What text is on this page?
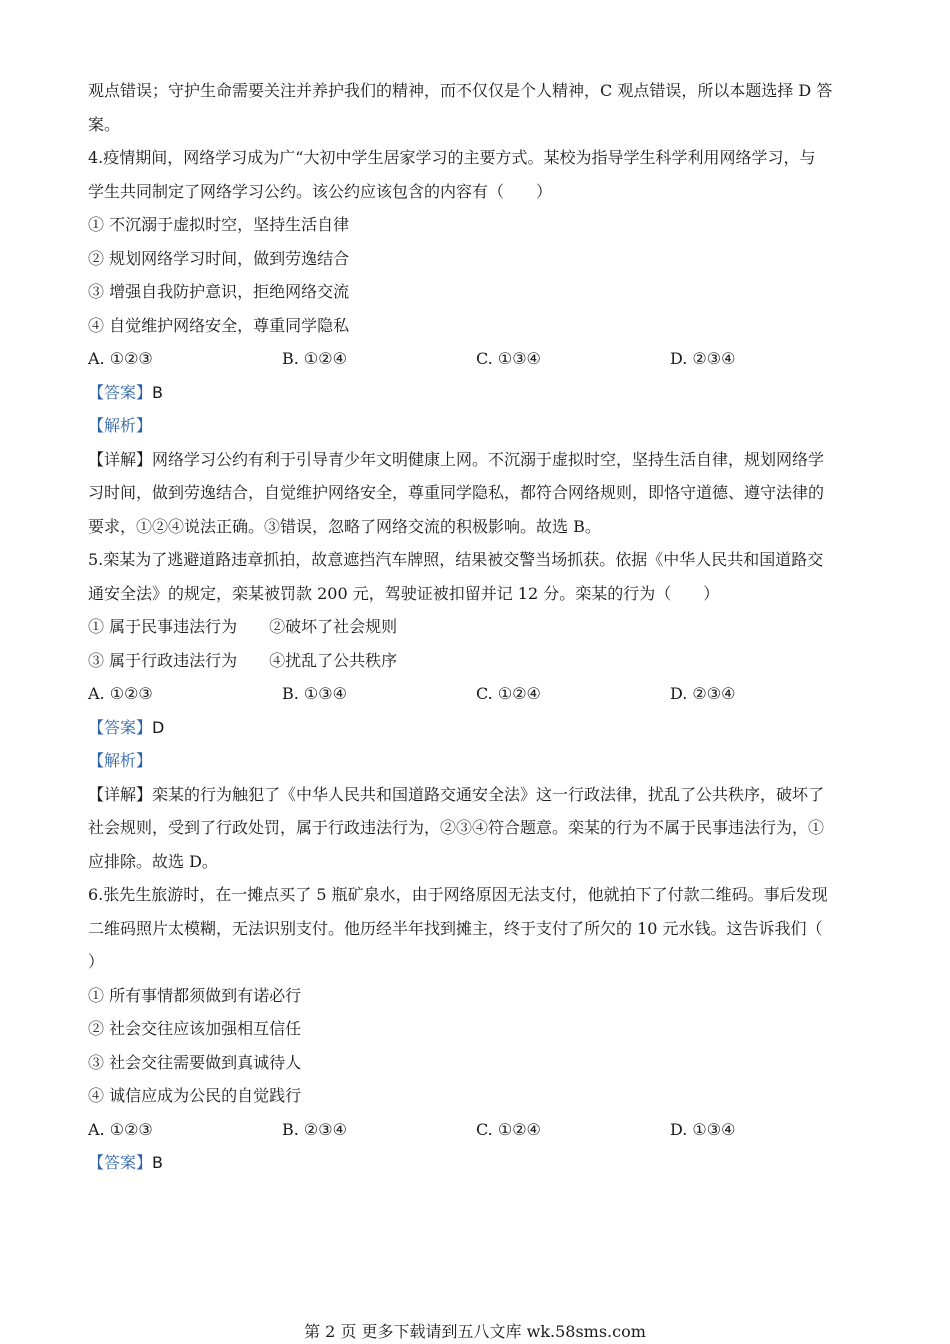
观点错误；守护生命需要关注并养护我们的精神，而不仅仅是个人精神，C 观点错误，所以本题选择 D 答
案。
4.疫情期间，网络学习成为广“大初中学生居家学习的主要方式。某校为指导学生科学利用网络学习，与
学生共同制定了网络学习公约。该公约应该包含的内容有（　　）
① 不沉溺于虚拟时空，坚持生活自律
② 规划网络学习时间，做到劳逸结合
③ 增强自我防护意识，拒绝网络交流
④ 自觉维护网络安全，尊重同学隐私
A. ①②③	B. ①②④	C. ①③④	D. ②③④
【答案】B
【解析】
【详解】网络学习公约有利于引导青少年文明健康上网。不沉溺于虚拟时空，坚持生活自律，规划网络学
习时间，做到劳逸结合，自觉维护网络安全，尊重同学隐私，都符合网络规则，即恪守道德、遵守法律的
要求，①②④说法正确。③错误，忽略了网络交流的积极影响。故选 B。
5.栾某为了逃避道路违章抓拍，故意遮挡汽车牌照，结果被交警当场抓获。依据《中华人民共和国道路交
通安全法》的规定，栾某被罚款 200 元，驾驶证被扣留并记 12 分。栾某的行为（　　）
① 属于民事违法行为　　②破坏了社会规则
③ 属于行政违法行为　　④扰乱了公共秩序
A. ①②③	B. ①③④	C. ①②④	D. ②③④
【答案】D
【解析】
【详解】栾某的行为触犯了《中华人民共和国道路交通安全法》这一行政法律，扰乱了公共秩序，破坏了
社会规则，受到了行政处罚，属于行政违法行为，②③④符合题意。栾某的行为不属于民事违法行为，①
应排除。故选 D。
6.张先生旅游时，在一摊点买了 5 瓶矿泉水，由于网络原因无法支付，他就拍下了付款二维码。事后发现
二维码照片太模糊，无法识别支付。他历经半年找到摊主，终于支付了所欠的 10 元水钱。这告诉我们（
）
① 所有事情都须做到有诺必行
② 社会交往应该加强相互信任
③ 社会交往需要做到真诚待人
④ 诚信应成为公民的自觉践行
A. ①②③	B. ②③④	C. ①②④	D. ①③④
【答案】B
第 2 页 更多下载请到五八文库 wk.58sms.com
